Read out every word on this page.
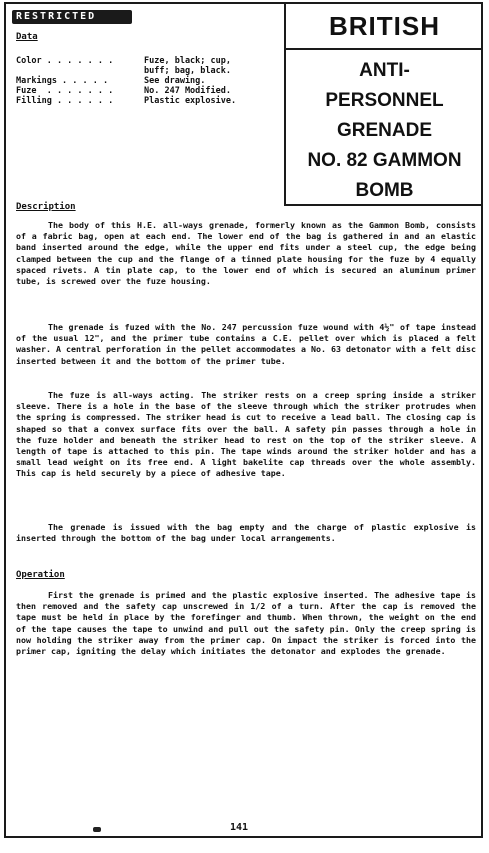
RESTRICTED	BRITISH
ANTI-
PERSONNEL
GRENADE
NO. 82 GAMMON
BOMB
Data
Color . . . . . . .	Fuze, black; cup,
buff; bag, black.
Markings . . . . .	See drawing.
Fuze  . . . . . . .	No. 247 Modified.
Filling . . . . . .	Plastic explosive.
Description

The body of this H.E. all-ways grenade, formerly known as the Gammon Bomb, consists of a fabric bag, open at each end. The lower end of the bag is gathered in and an elastic band inserted around the edge, while the upper end fits under a steel cup, the edge being clamped between the cup and the flange of a tinned plate housing for the fuze by 4 equally spaced rivets. A tin plate cap, to the lower end of which is secured an aluminum primer tube, is screwed over the fuze housing.

The grenade is fuzed with the No. 247 percussion fuze wound with 4½" of tape instead of the usual 12", and the primer tube contains a C.E. pellet over which is placed a felt washer. A central perforation in the pellet accommodates a No. 63 detonator with a felt disc inserted between it and the bottom of the primer tube.

The fuze is all-ways acting. The striker rests on a creep spring inside a striker sleeve. There is a hole in the base of the sleeve through which the striker protrudes when the spring is compressed. The striker head is cut to receive a lead ball. The closing cap is shaped so that a convex surface fits over the ball. A safety pin passes through a hole in the fuze holder and beneath the striker head to rest on the top of the striker sleeve. A length of tape is attached to this pin. The tape winds around the striker holder and has a small lead weight on its free end. A light bakelite cap threads over the whole assembly. This cap is held securely by a piece of adhesive tape.

The grenade is issued with the bag empty and the charge of plastic explosive is inserted through the bottom of the bag under local arrangements.

Operation

First the grenade is primed and the plastic explosive inserted. The adhesive tape is then removed and the safety cap unscrewed in 1/2 of a turn. After the cap is removed the tape must be held in place by the forefinger and thumb. When thrown, the weight on the end of the tape causes the tape to unwind and pull out the safety pin. Only the creep spring is now holding the striker away from the primer cap. On impact the striker is forced into the primer cap, igniting the delay which initiates the detonator and explodes the grenade.

141
